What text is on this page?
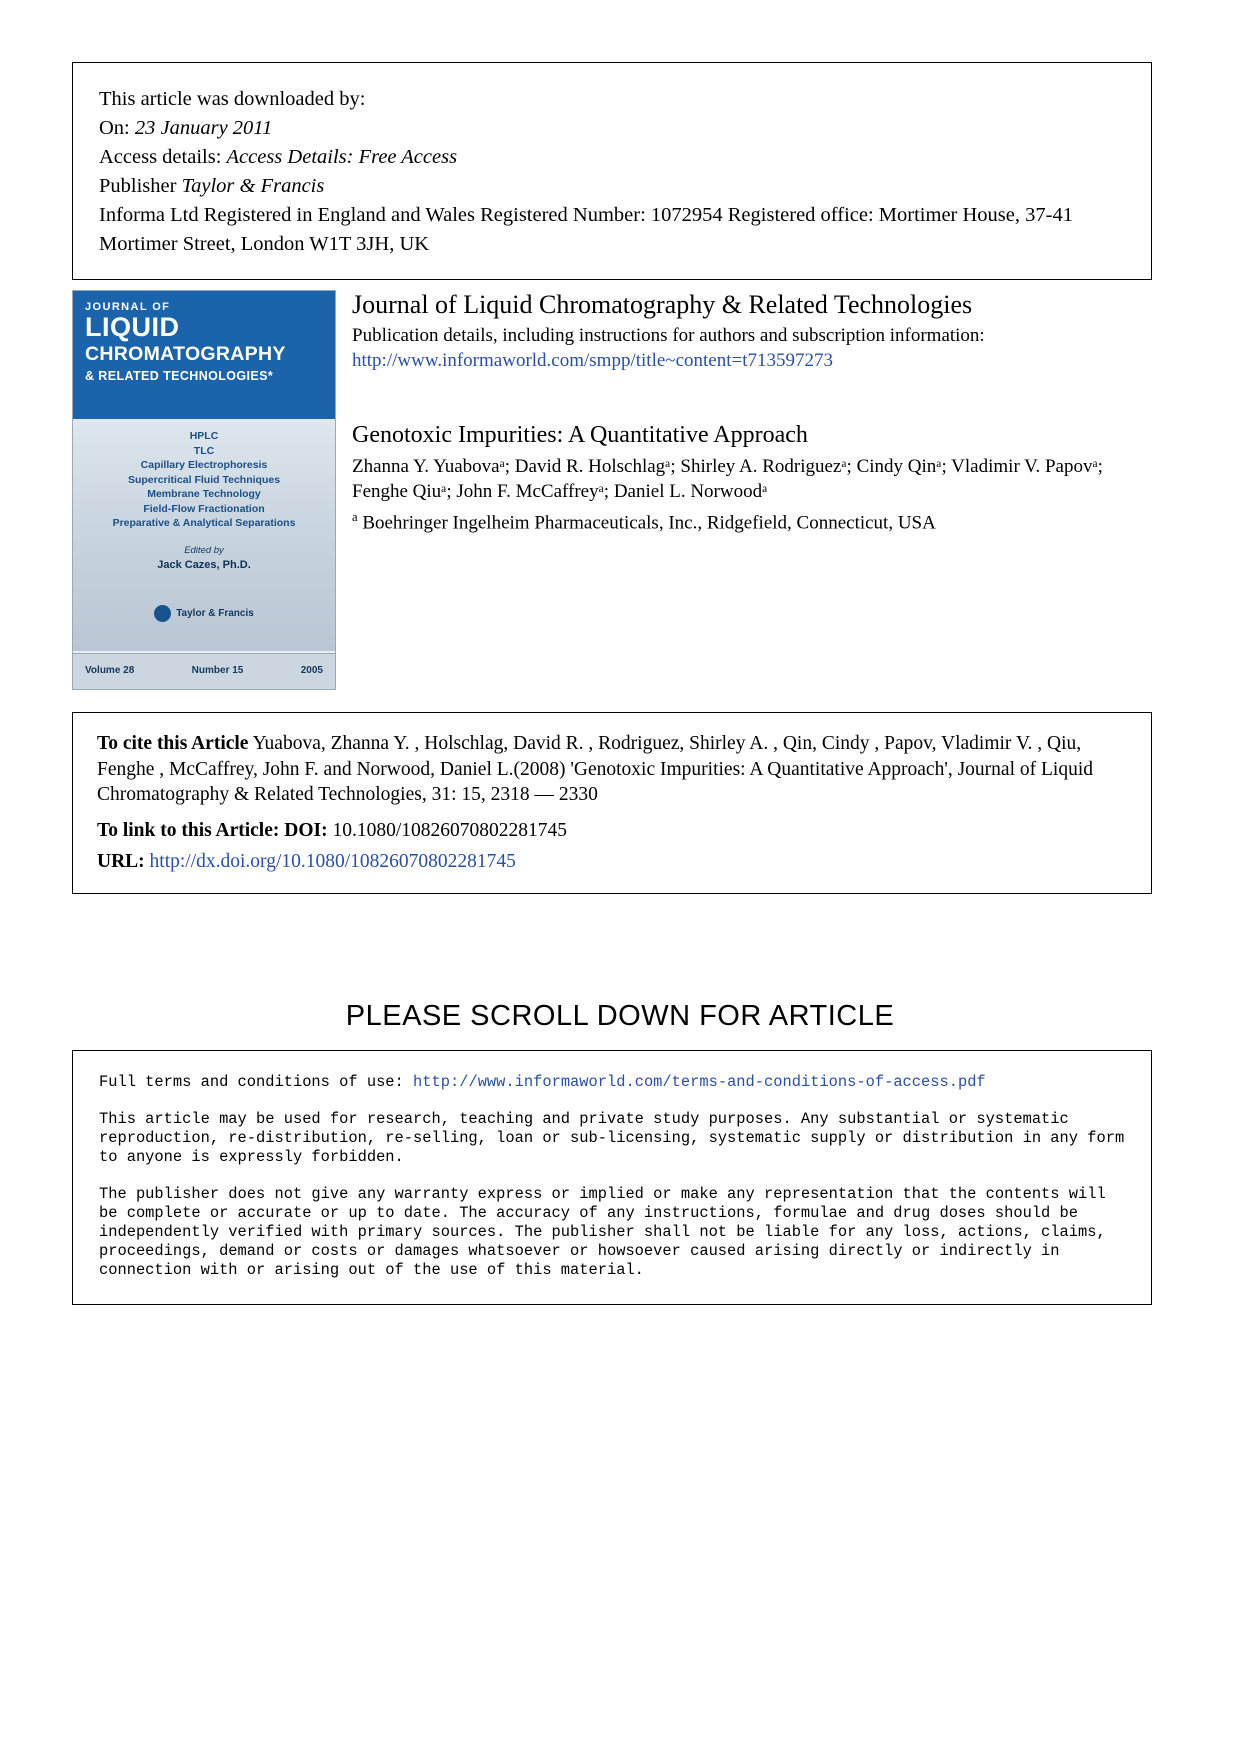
This article was downloaded by:
On: 23 January 2011
Access details: Access Details: Free Access
Publisher Taylor & Francis
Informa Ltd Registered in England and Wales Registered Number: 1072954 Registered office: Mortimer House, 37-41 Mortimer Street, London W1T 3JH, UK
JOURNAL OF
LIQUID
CHROMATOGRAPHY
& RELATED TECHNOLOGIES*
HPLC
TLC
Capillary Electrophoresis
Supercritical Fluid Techniques
Membrane Technology
Field-Flow Fractionation
Preparative & Analytical Separations
Edited by
Jack Cazes, Ph.D.
Taylor & Francis
Volume 28	Number 15	2005
Journal of Liquid Chromatography & Related Technologies
Publication details, including instructions for authors and subscription information:
http://www.informaworld.com/smpp/title~content=t713597273
Genotoxic Impurities: A Quantitative Approach
Zhanna Y. Yuabovaᵃ; David R. Holschlagᵃ; Shirley A. Rodriguezᵃ; Cindy Qinᵃ; Vladimir V. Papovᵃ;
Fenghe Qiuᵃ; John F. McCaffreyᵃ; Daniel L. Norwoodᵃ
$^a$ Boehringer Ingelheim Pharmaceuticals, Inc., Ridgefield, Connecticut, USA
To cite this Article Yuabova, Zhanna Y. , Holschlag, David R. , Rodriguez, Shirley A. , Qin, Cindy , Papov, Vladimir V. , Qiu, Fenghe , McCaffrey, John F. and Norwood, Daniel L.(2008) 'Genotoxic Impurities: A Quantitative Approach', Journal of Liquid Chromatography & Related Technologies, 31: 15, 2318 — 2330
To link to this Article: DOI: 10.1080/10826070802281745
URL: http://dx.doi.org/10.1080/10826070802281745
PLEASE SCROLL DOWN FOR ARTICLE
Full terms and conditions of use: http://www.informaworld.com/terms-and-conditions-of-access.pdf
This article may be used for research, teaching and private study purposes. Any substantial or systematic reproduction, re-distribution, re-selling, loan or sub-licensing, systematic supply or distribution in any form to anyone is expressly forbidden.
The publisher does not give any warranty express or implied or make any representation that the contents will be complete or accurate or up to date. The accuracy of any instructions, formulae and drug doses should be independently verified with primary sources. The publisher shall not be liable for any loss, actions, claims, proceedings, demand or costs or damages whatsoever or howsoever caused arising directly or indirectly in connection with or arising out of the use of this material.
